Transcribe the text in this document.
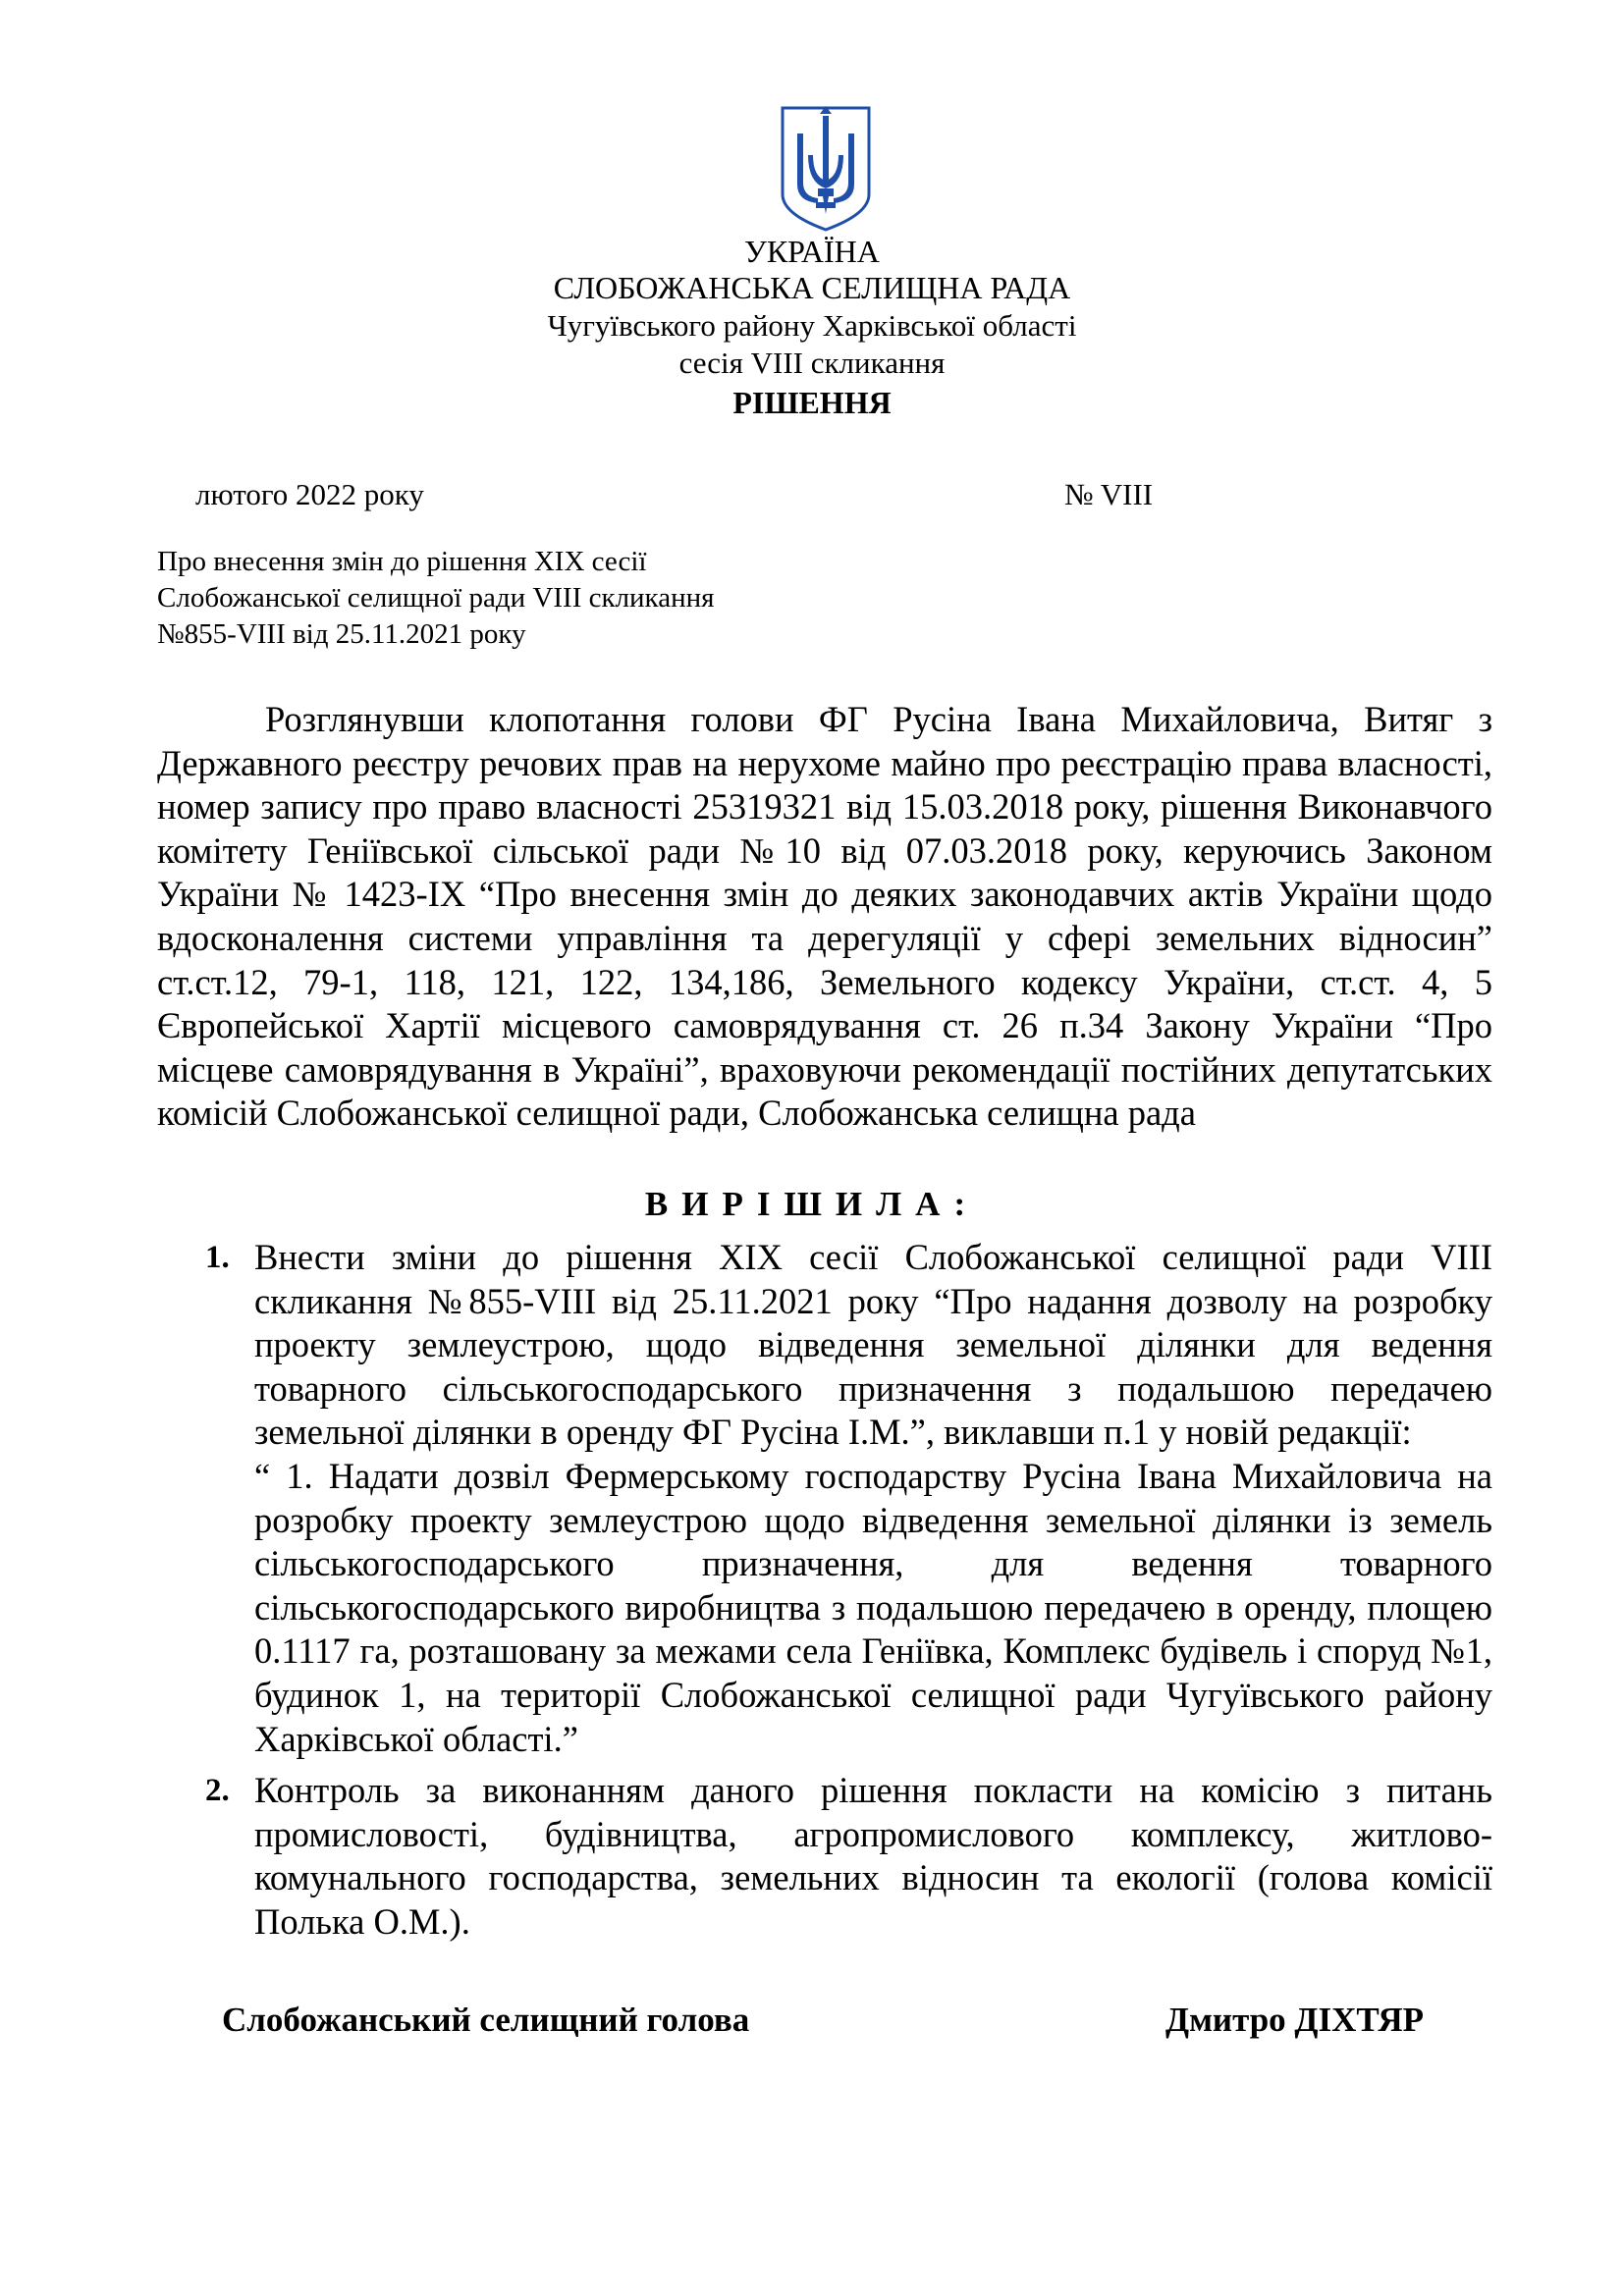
УКРАЇНА
СЛОБОЖАНСЬКА СЕЛИЩНА РАДА
Чугуївського району Харківської області
сесія VIII скликання
РІШЕННЯ
лютого 2022 року	№ VIII
Про внесення змін до рішення XIX сесії
Слобожанської селищної ради VIII скликання
№855-VIII від 25.11.2021 року
Розглянувши клопотання голови ФГ Русіна Івана Михайловича, Витяг з Державного реєстру речових прав на нерухоме майно про реєстрацію права власності, номер запису про право власності 25319321 від 15.03.2018 року, рішення Виконавчого комітету Геніївської сільської ради №10 від 07.03.2018 року, керуючись Законом України № 1423-IX “Про внесення змін до деяких законодавчих актів України щодо вдосконалення системи управління та дерегуляції у сфері земельних відносин” ст.ст.12, 79-1, 118, 121, 122, 134,186, Земельного кодексу України, ст.ст. 4, 5 Європейської Хартії місцевого самоврядування ст. 26 п.34 Закону України “Про місцеве самоврядування в Україні”, враховуючи рекомендації постійних депутатських комісій Слобожанської селищної ради, Слобожанська селищна рада
ВИРІШИЛА:
1. Внести зміни до рішення XIX сесії Слобожанської селищної ради VIII скликання №855-VIII від 25.11.2021 року “Про надання дозволу на розробку проекту землеустрою, щодо відведення земельної ділянки для ведення товарного сільськогосподарського призначення з подальшою передачею земельної ділянки в оренду ФГ Русіна І.М.”, виклавши п.1 у новій редакції:

“ 1. Надати дозвіл Фермерському господарству Русіна Івана Михайловича на розробку проекту землеустрою щодо відведення земельної ділянки із земель сільськогосподарського призначення, для ведення товарного сільськогосподарського виробництва з подальшою передачею в оренду, площею 0.1117 га, розташовану за межами села Геніївка, Комплекс будівель і споруд №1, будинок 1, на території Слобожанської селищної ради Чугуївського району Харківської області.”

2. Контроль за виконанням даного рішення покласти на комісію з питань промисловості, будівництва, агропромислового комплексу, житлово-комунального господарства, земельних відносин та екології (голова комісії Полька О.М.).

Слобожанський селищний голова	Дмитро ДІХТЯР
